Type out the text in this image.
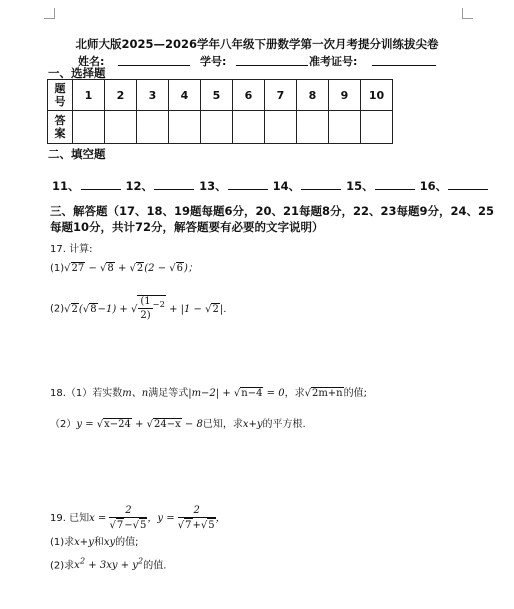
北师大版2025—2026学年八年级下册数学第一次月考提分训练拔尖卷
姓名:	学号:	准考证号:
一、选择题
题
号	1	2	3	4	5	6	7	8	9	10

答
案										

二、填空题
11、	12、	13、	14、	15、	16、
三、解答题（17、18、19题每题6分，20、21每题8分，22、23每题9分，24、25每题10分，共计72分，解答题要有必要的文字说明）
17. 计算:
(1)√27 − √8 + √2(2 − √6)；
(2)√2(√8−1) + √ $\frac{(1}{2)} ^{-2} + |1 - √2|$.
18.（1）若实数m、n满足等式|m−2| + √n−4 = 0，求√2m+n的值;
（2）y = √x−24 + √24−x − 8已知，求x+y的平方根.
19. 已知$x = \frac{2}{√7-√5}$ ，$y = \frac{2}{√7+√5}$ ，
(1)求x+y和xy的值;
(2)求$x^2 + 3xy + y^2$的值.
